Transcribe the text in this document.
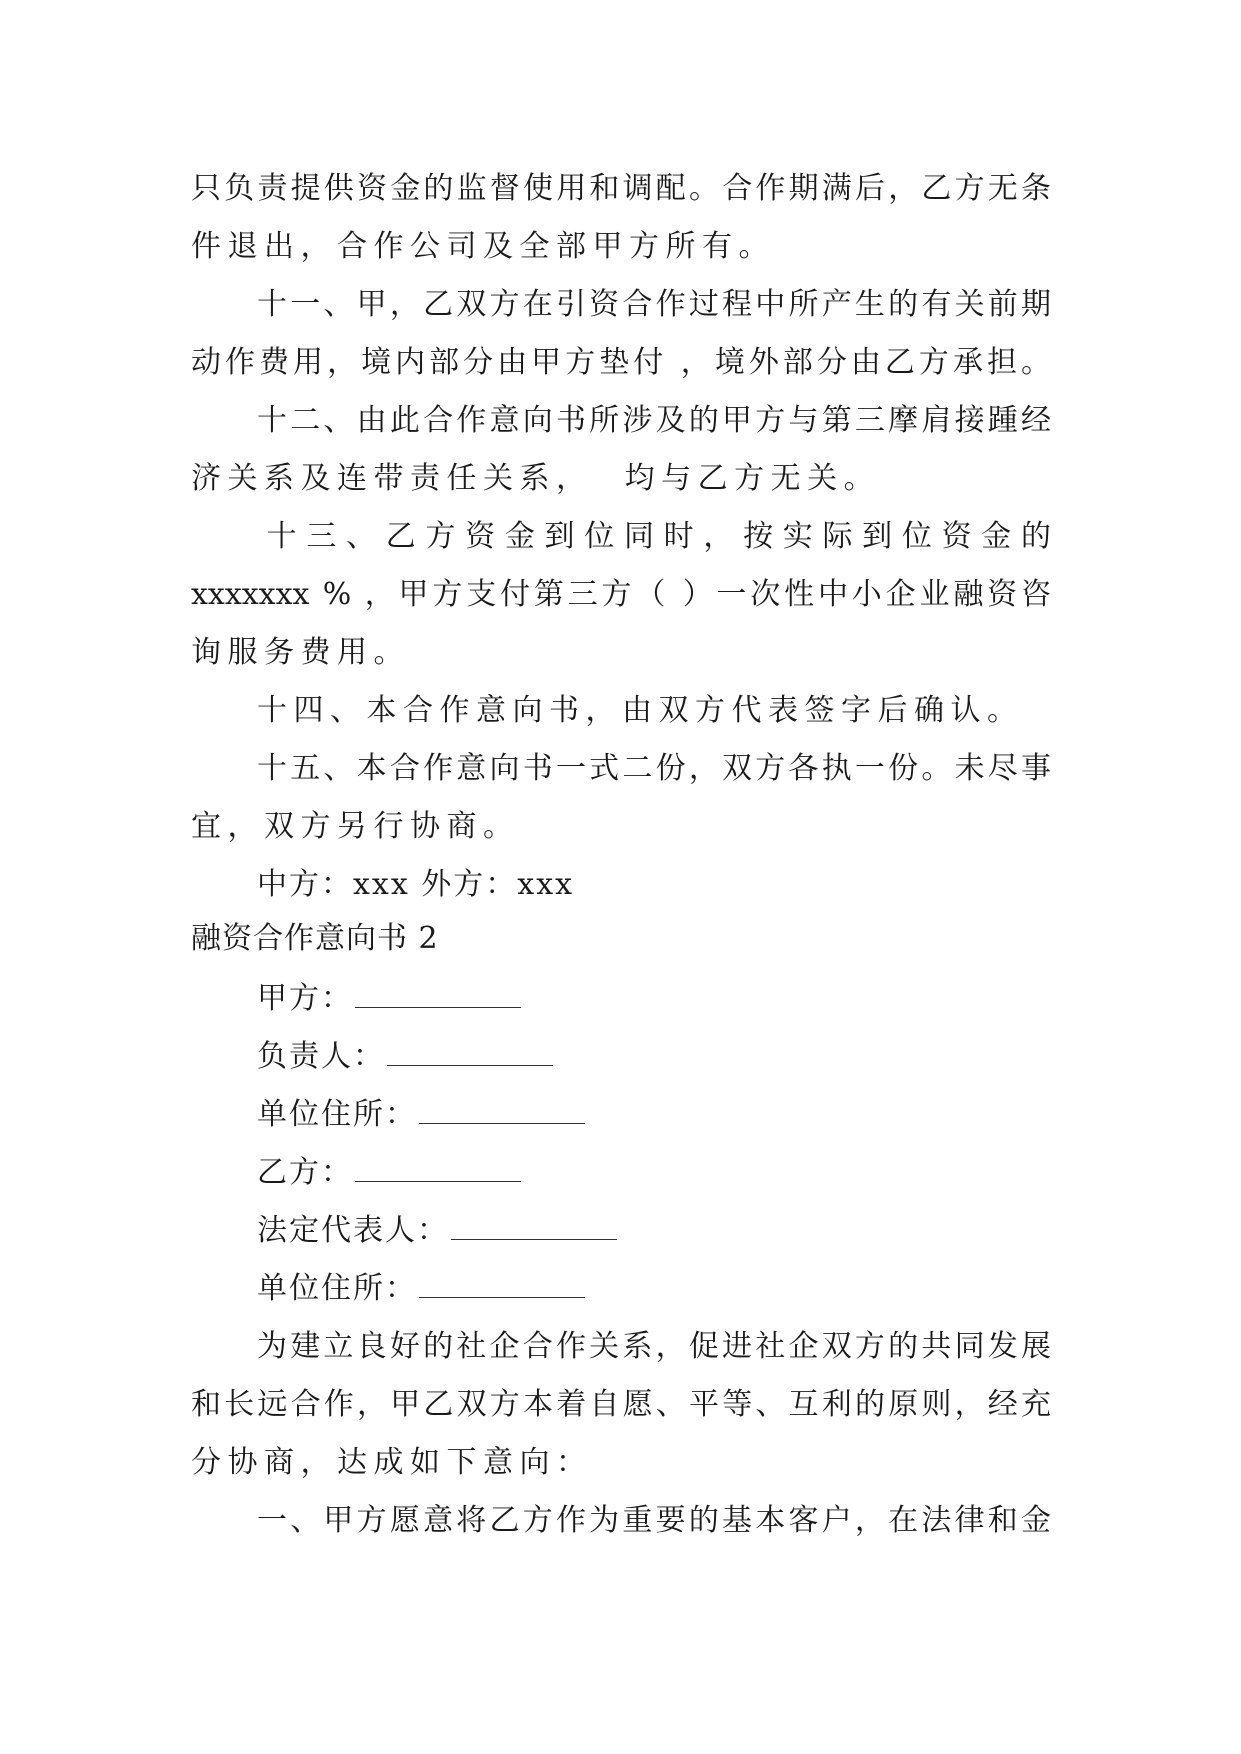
只负责提供资金的监督使用和调配。合作期满后，乙方无条
件退出，合作公司及全部甲方所有。
十一、甲，乙双方在引资合作过程中所产生的有关前期
动作费用，境内部分由甲方垫付 ，境外部分由乙方承担。
十二、由此合作意向书所涉及的甲方与第三摩肩接踵经
济关系及连带责任关系，  均与乙方无关。
十 三 、 乙 方 资 金 到 位 同 时 ， 按 实 际 到 位 资 金 的
xxxxxxx % ，甲方支付第三方（ ）一次性中小企业融资咨
询服务费用。
十四、本合作意向书，由双方代表签字后确认。
十五、本合作意向书一式二份，双方各执一份。未尽事
宜，双方另行协商。
中方：xxx 外方：xxx
融资合作意向书 2
甲方：
负责人：
单位住所：
乙方：
法定代表人：
单位住所：
为建立良好的社企合作关系，促进社企双方的共同发展
和长远合作，甲乙双方本着自愿、平等、互利的原则，经充
分协商，达成如下意向：
一、甲方愿意将乙方作为重要的基本客户，在法律和金
